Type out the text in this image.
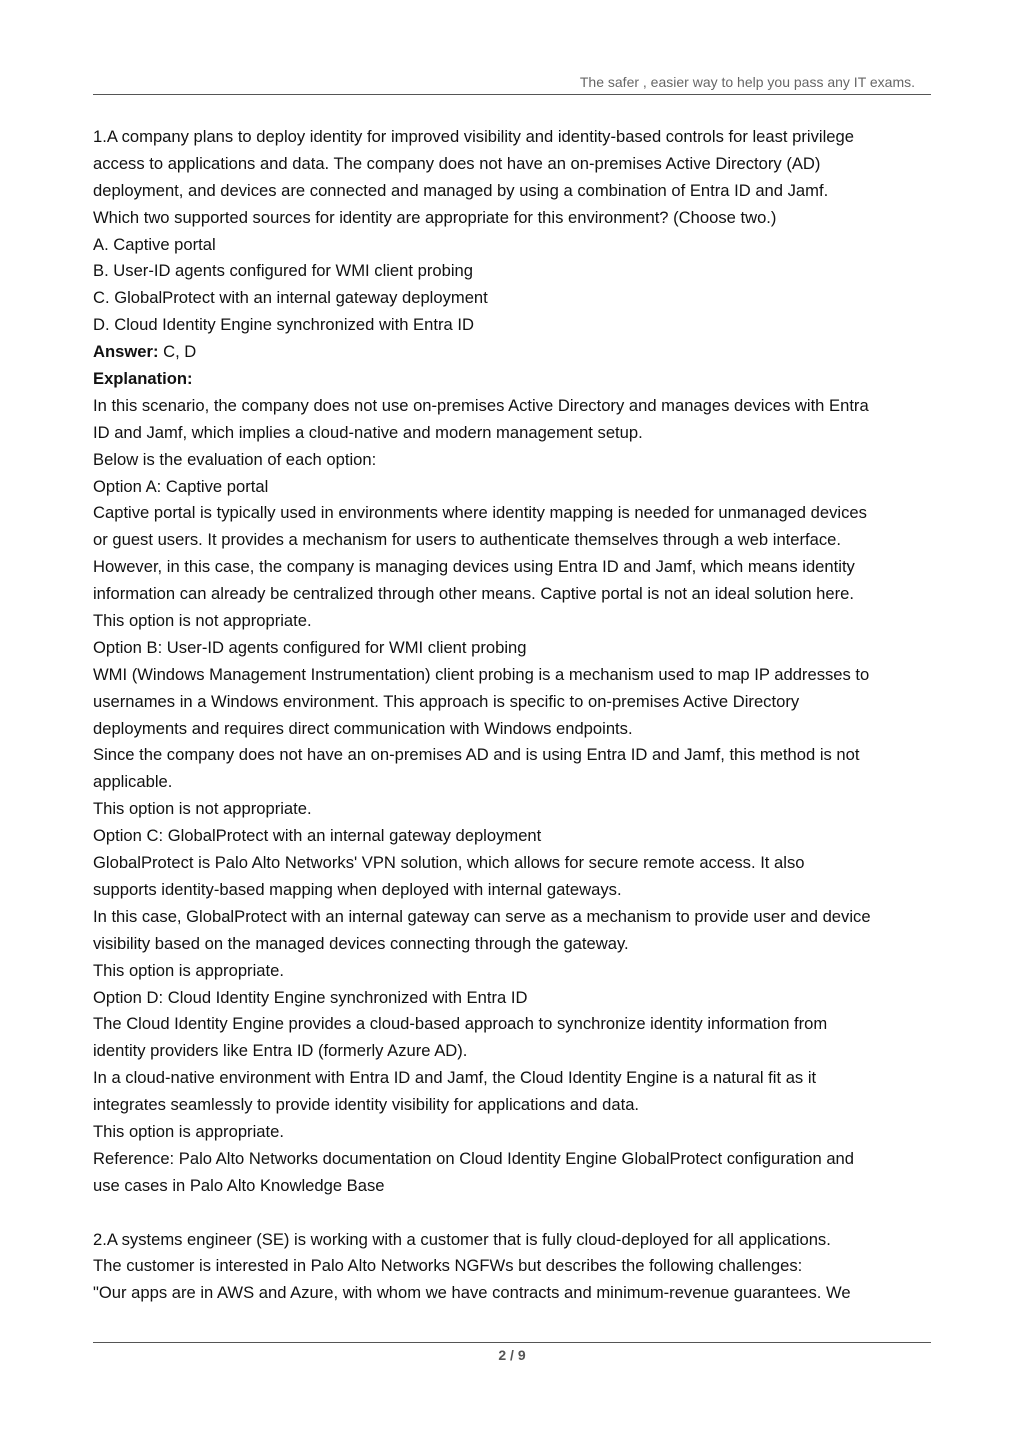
The safer , easier way to help you pass any IT exams.
1.A company plans to deploy identity for improved visibility and identity-based controls for least privilege
access to applications and data. The company does not have an on-premises Active Directory (AD)
deployment, and devices are connected and managed by using a combination of Entra ID and Jamf.
Which two supported sources for identity are appropriate for this environment? (Choose two.)
A. Captive portal
B. User-ID agents configured for WMI client probing
C. GlobalProtect with an internal gateway deployment
D. Cloud Identity Engine synchronized with Entra ID
Answer: C, D
Explanation:
In this scenario, the company does not use on-premises Active Directory and manages devices with Entra
ID and Jamf, which implies a cloud-native and modern management setup.
Below is the evaluation of each option:
Option A: Captive portal
Captive portal is typically used in environments where identity mapping is needed for unmanaged devices
or guest users. It provides a mechanism for users to authenticate themselves through a web interface.
However, in this case, the company is managing devices using Entra ID and Jamf, which means identity
information can already be centralized through other means. Captive portal is not an ideal solution here.
This option is not appropriate.
Option B: User-ID agents configured for WMI client probing
WMI (Windows Management Instrumentation) client probing is a mechanism used to map IP addresses to
usernames in a Windows environment. This approach is specific to on-premises Active Directory
deployments and requires direct communication with Windows endpoints.
Since the company does not have an on-premises AD and is using Entra ID and Jamf, this method is not
applicable.
This option is not appropriate.
Option C: GlobalProtect with an internal gateway deployment
GlobalProtect is Palo Alto Networks' VPN solution, which allows for secure remote access. It also
supports identity-based mapping when deployed with internal gateways.
In this case, GlobalProtect with an internal gateway can serve as a mechanism to provide user and device
visibility based on the managed devices connecting through the gateway.
This option is appropriate.
Option D: Cloud Identity Engine synchronized with Entra ID
The Cloud Identity Engine provides a cloud-based approach to synchronize identity information from
identity providers like Entra ID (formerly Azure AD).
In a cloud-native environment with Entra ID and Jamf, the Cloud Identity Engine is a natural fit as it
integrates seamlessly to provide identity visibility for applications and data.
This option is appropriate.
Reference: Palo Alto Networks documentation on Cloud Identity Engine GlobalProtect configuration and
use cases in Palo Alto Knowledge Base
2.A systems engineer (SE) is working with a customer that is fully cloud-deployed for all applications.
The customer is interested in Palo Alto Networks NGFWs but describes the following challenges:
"Our apps are in AWS and Azure, with whom we have contracts and minimum-revenue guarantees. We
2 / 9
